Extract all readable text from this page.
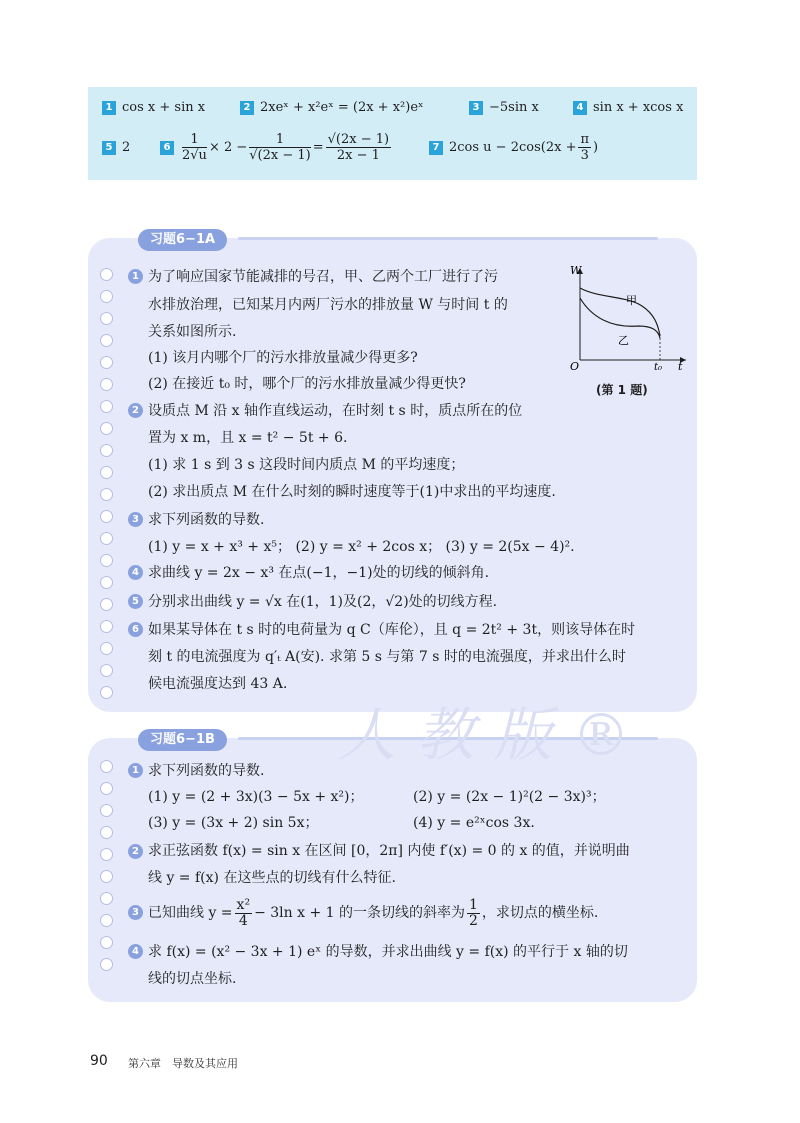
1 cos x + sin x	2 2xeˣ + x²eˣ = (2x + x²)eˣ	3 −5sin x	4 sin x + xcos x
5 2	$6 \frac{1}{2√u} \times 2 - \frac{1}{√(2x - 1)} = \frac{√(2x - 1)}{2x - 1}$	7 2cos $u - 2\cos(2x + \frac{\pi}{3}$ )
习题6−1A
1
2
3
4
5
6
为了响应国家节能减排的号召，甲、乙两个工厂进行了污
水排放治理，已知某月内两厂污水的排放量 W 与时间 t 的
关系如图所示.
(1) 该月内哪个厂的污水排放量减少得更多?
(2) 在接近 t₀ 时，哪个厂的污水排放量减少得更快?
设质点 M 沿 x 轴作直线运动，在时刻 t s 时，质点所在的位
置为 x m，且 x = t² − 5t + 6.
(1) 求 1 s 到 3 s 这段时间内质点 M 的平均速度；
(2) 求出质点 M 在什么时刻的瞬时速度等于(1)中求出的平均速度.
求下列函数的导数.
(1) y = x + x³ + x⁵； (2) y = x² + 2cos x； (3) y = 2(5x − 4)².
求曲线 y = 2x − x³ 在点(−1，−1)处的切线的倾斜角.
分别求出曲线 y = √x 在(1，1)及(2，√2)处的切线方程.
如果某导体在 t s 时的电荷量为 q C（库伦），且 q = 2t² + 3t，则该导体在时
刻 t 的电流强度为 q′ₜ A(安). 求第 5 s 与第 7 s 时的电流强度，并求出什么时
候电流强度达到 43 A.
W
O	t
t₀
甲
乙
(第 1 题)
习题6−1B 人教版®
1
2
3
4
求下列函数的导数.
(1) y = (2 + 3x)(3 − 5x + x²)；	(2) y = (2x − 1)²(2 − 3x)³；
(3) y = (3x + 2) sin 5x；	(4) y = e²ˣcos 3x.
求正弦函数 f(x) = sin x 在区间 [0，2π] 内使 f′(x) = 0 的 x 的值，并说明曲
线 y = f(x) 在这些点的切线有什么特征.
已知曲线 $y = \frac{\text{x²}}{4} - 3\ln$ x + 1 的一条切线的斜率为 $\frac{1}{2}$ ，求切点的横坐标.
求 f(x) = (x² − 3x + 1) eˣ 的导数，并求出曲线 y = f(x) 的平行于 x 轴的切
线的切点坐标.
90 第六章　导数及其应用
